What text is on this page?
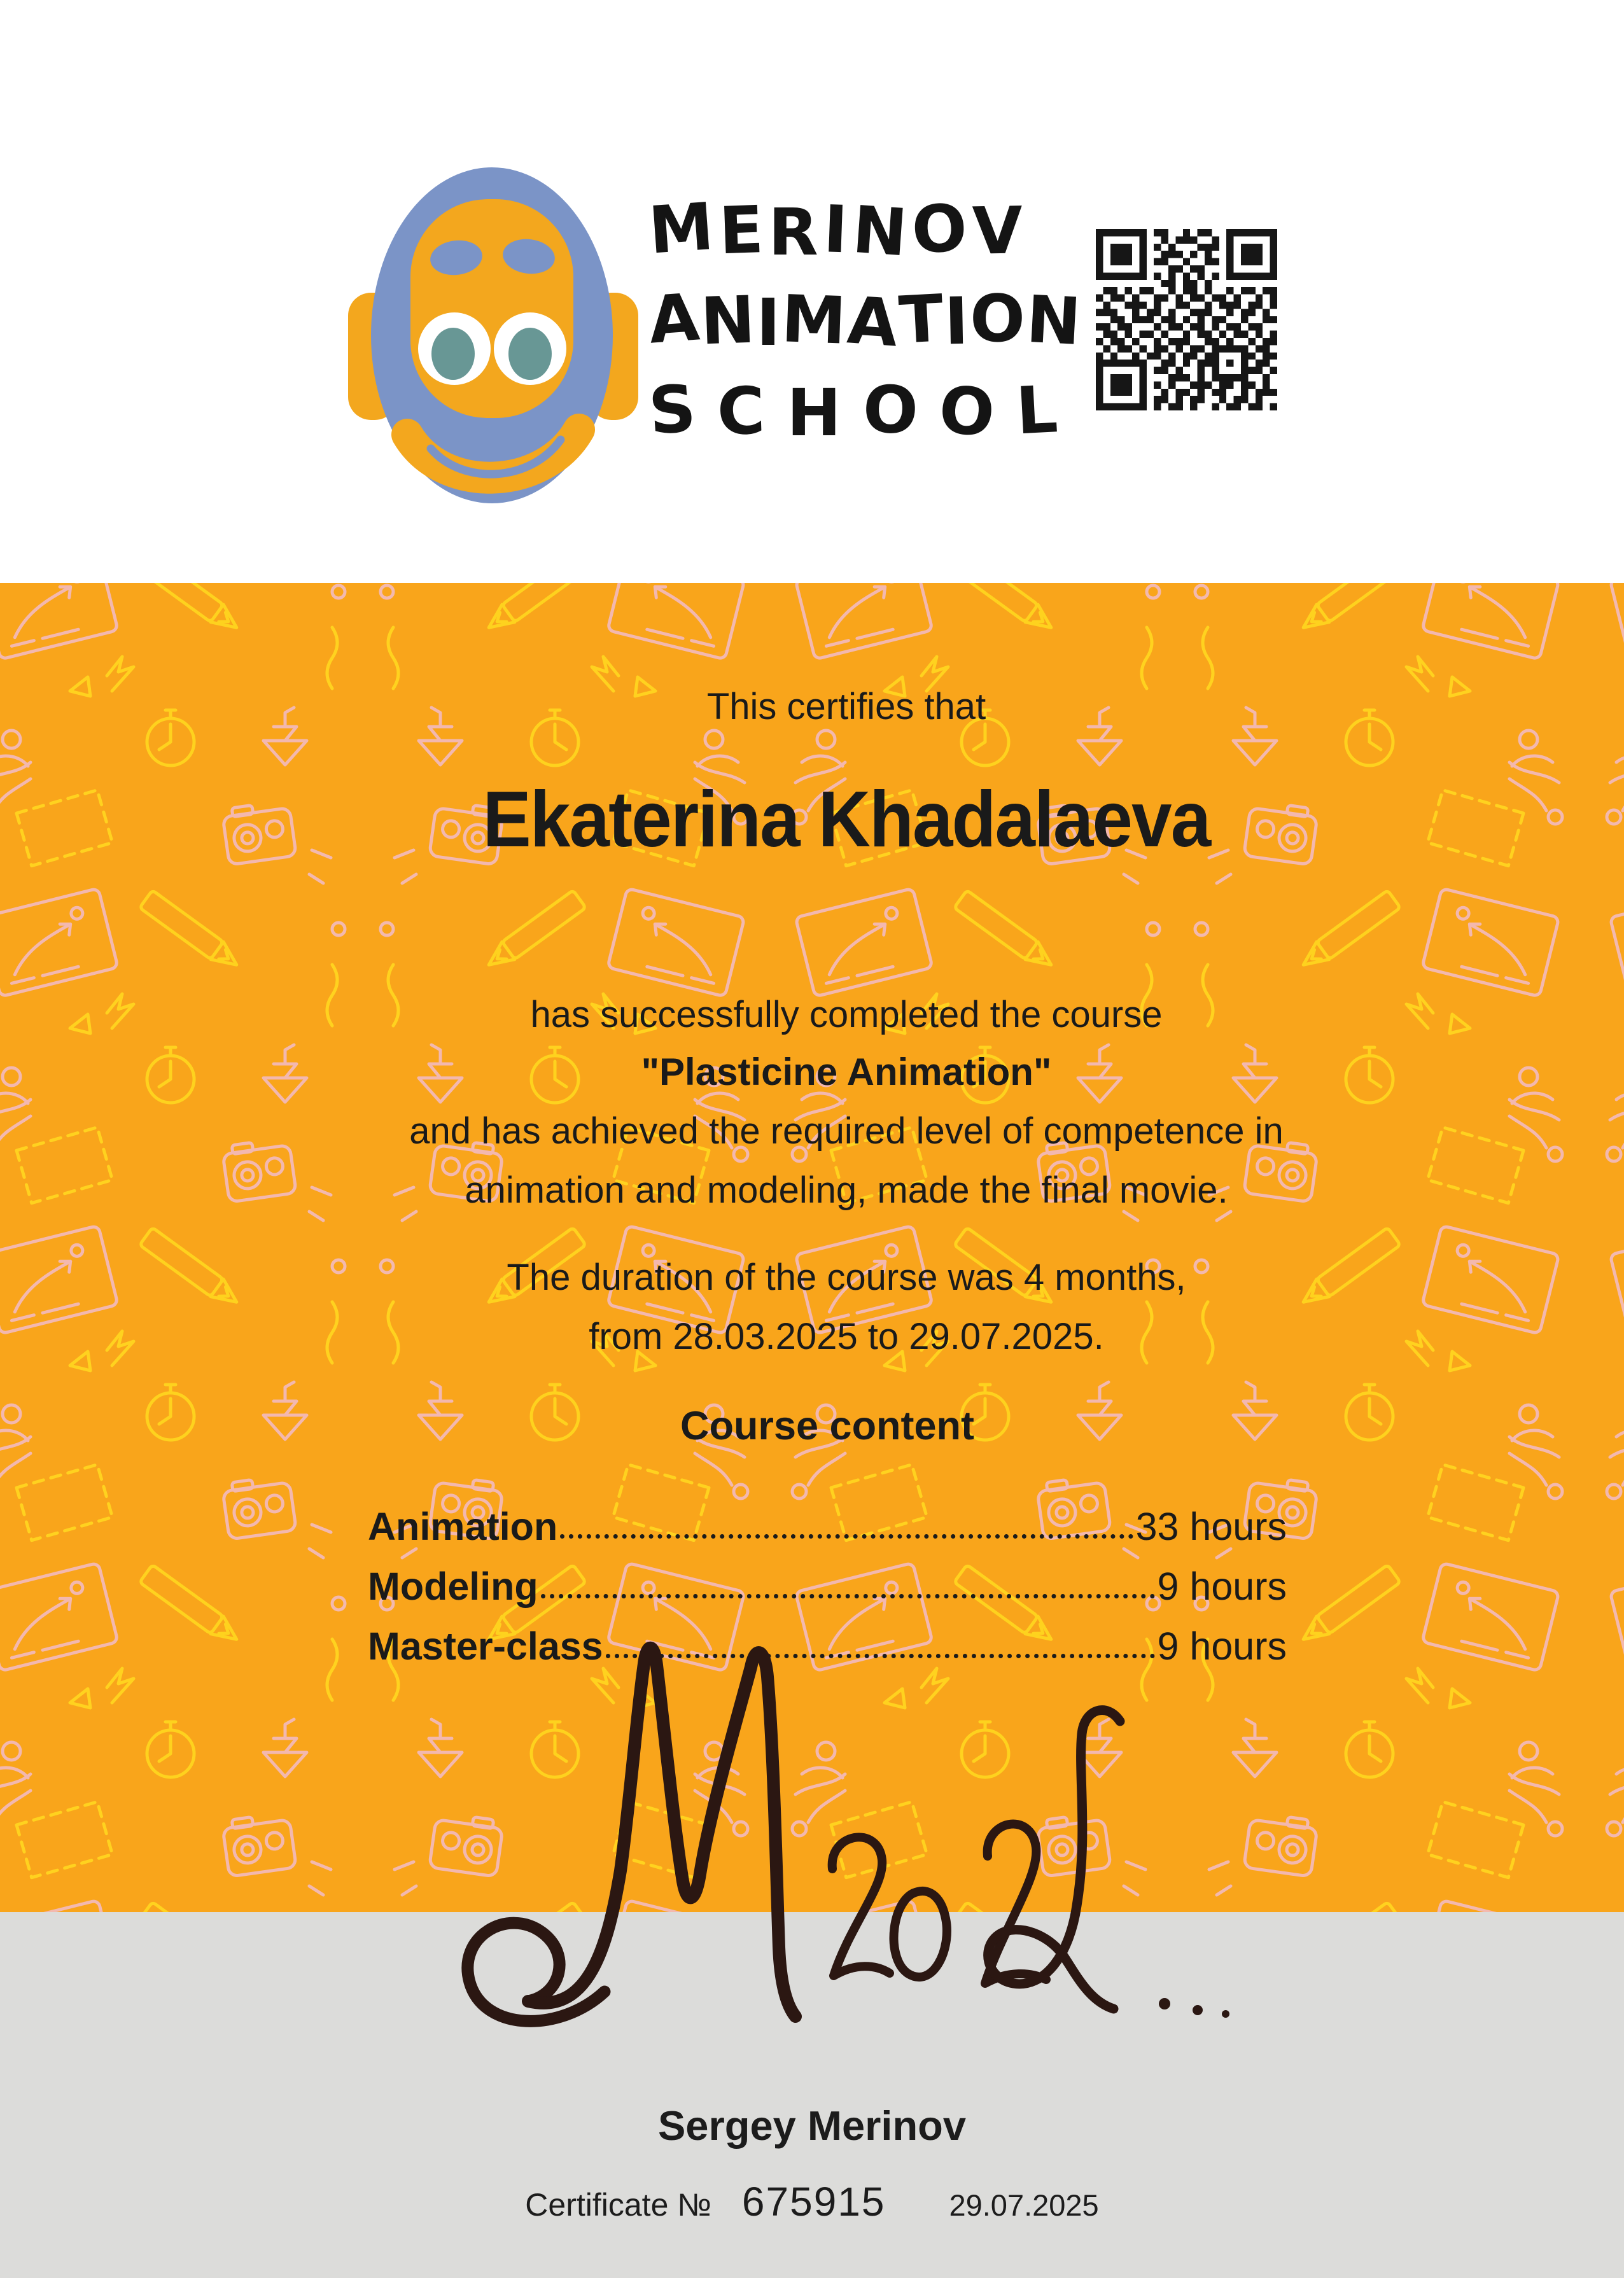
MERINOV
ANIMATION
SCHOOL
This certifies that
Ekaterina Khadalaeva
has successfully completed the course
"Plasticine Animation"
and has achieved the required level of competence in
animation and modeling, made the final movie.
The duration of the course was 4 months,
from 28.03.2025 to 29.07.2025.
Course content
Animation	33 hours
Modeling	9 hours
Master-class	9 hours
Sergey Merinov
Certificate № 675915 29.07.2025
